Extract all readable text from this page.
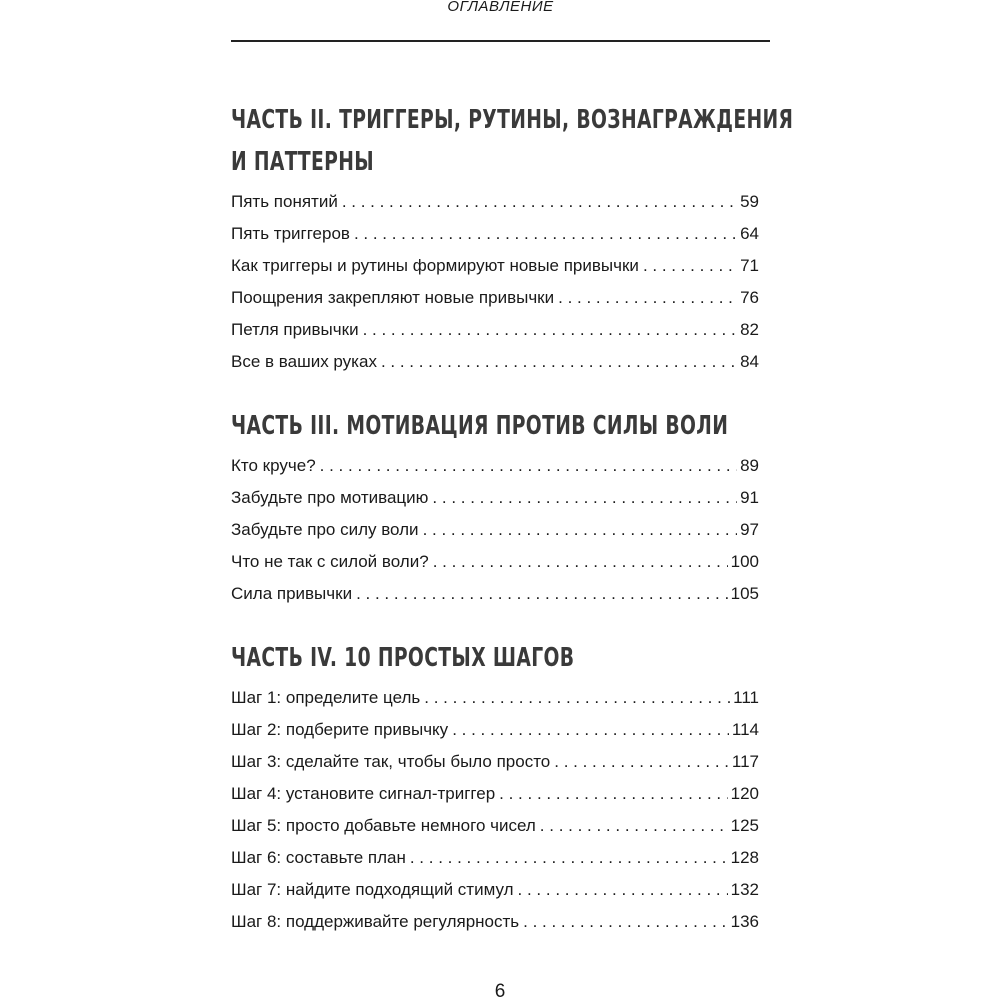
ОГЛАВЛЕНИЕ
ЧАСТЬ II. ТРИГГЕРЫ, РУТИНЫ, ВОЗНАГРАЖДЕНИЯ
И ПАТТЕРНЫ
Пять понятий . . .	59
Пять триггеров . . .	64
Как триггеры и рутины формируют новые привычки . . .	71
Поощрения закрепляют новые привычки . . .	76
Петля привычки . . .	82
Все в ваших руках . . .	84
ЧАСТЬ III. МОТИВАЦИЯ ПРОТИВ СИЛЫ ВОЛИ
Кто круче? . . .	89
Забудьте про мотивацию . . .	91
Забудьте про силу воли . . .	97
Что не так с силой воли? . . .	100
Сила привычки . . .	105
ЧАСТЬ IV. 10 ПРОСТЫХ ШАГОВ
Шаг 1: определите цель . . .	111
Шаг 2: подберите привычку . . .	114
Шаг 3: сделайте так, чтобы было просто . . .	117
Шаг 4: установите сигнал-триггер . . .	120
Шаг 5: просто добавьте немного чисел . . .	125
Шаг 6: составьте план . . .	128
Шаг 7: найдите подходящий стимул . . .	132
Шаг 8: поддерживайте регулярность . . .	136
6
